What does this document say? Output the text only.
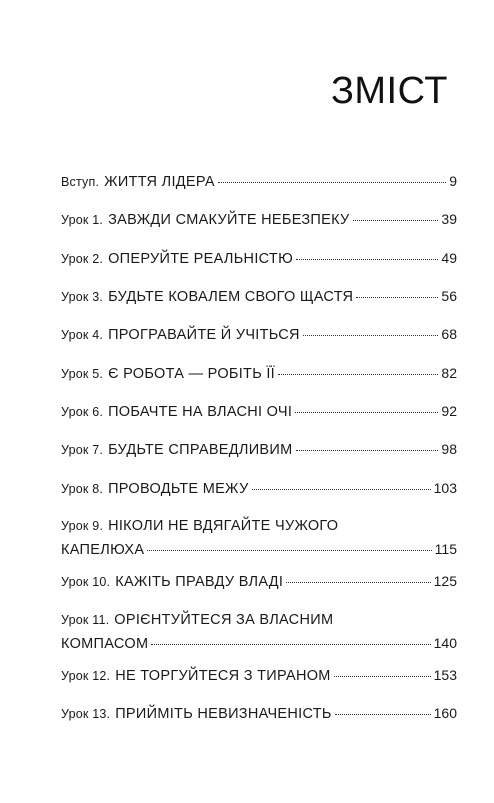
ЗМІСТ
Вступ. ЖИТТЯ ЛІДЕРА	9
Урок 1. ЗАВЖДИ СМАКУЙТЕ НЕБЕЗПЕКУ	39
Урок 2. ОПЕРУЙТЕ РЕАЛЬНІСТЮ	49
Урок 3. БУДЬТЕ КОВАЛЕМ СВОГО ЩАСТЯ	56
Урок 4. ПРОГРАВАЙТЕ Й УЧІТЬСЯ	68
Урок 5. Є РОБОТА — РОБІТЬ ЇЇ	82
Урок 6. ПОБАЧТЕ НА ВЛАСНІ ОЧІ	92
Урок 7. БУДЬТЕ СПРАВЕДЛИВИМ	98
Урок 8. ПРОВОДЬТЕ МЕЖУ	103
Урок 9. НІКОЛИ НЕ ВДЯГАЙТЕ ЧУЖОГО
КАПЕЛЮХА	115
Урок 10. КАЖІТЬ ПРАВДУ ВЛАДІ	125
Урок 11. ОРІЄНТУЙТЕСЯ ЗА ВЛАСНИМ
КОМПАСОМ	140
Урок 12. НЕ ТОРГУЙТЕСЯ З ТИРАНОМ	153
Урок 13. ПРИЙМІТЬ НЕВИЗНАЧЕНІСТЬ	160
